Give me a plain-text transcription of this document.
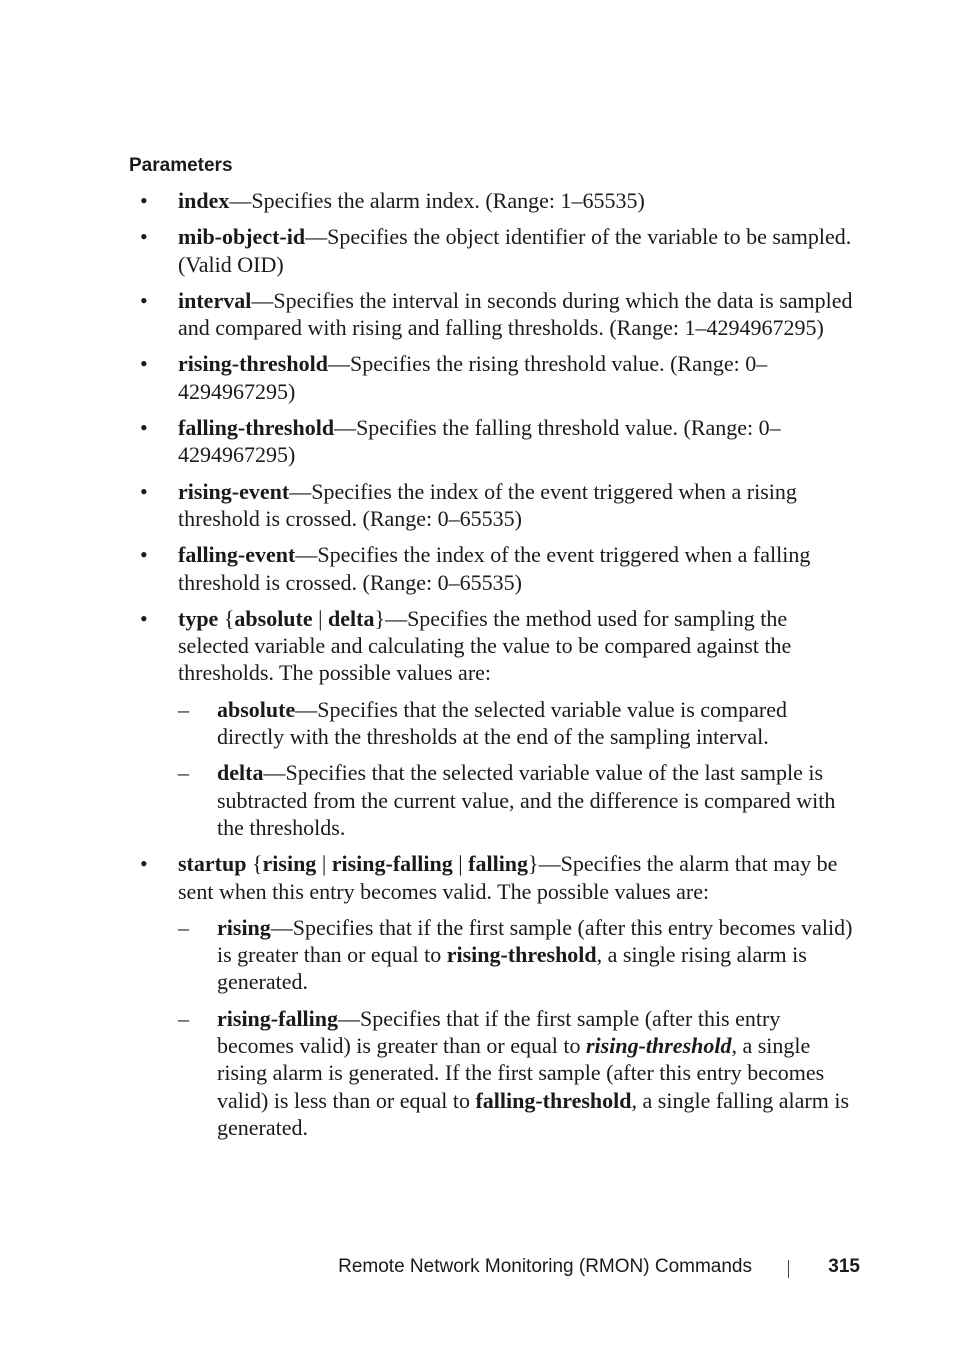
Parameters
• index—Specifies the alarm index. (Range: 1–65535)
• mib-object-id—Specifies the object identifier of the variable to be sampled. (Valid OID)
• interval—Specifies the interval in seconds during which the data is sampled and compared with rising and falling thresholds. (Range: 1–4294967295)
• rising-threshold—Specifies the rising threshold value. (Range: 0–4294967295)
• falling-threshold—Specifies the falling threshold value. (Range: 0–4294967295)
• rising-event—Specifies the index of the event triggered when a rising threshold is crossed. (Range: 0–65535)
• falling-event—Specifies the index of the event triggered when a falling threshold is crossed. (Range: 0–65535)
• type {absolute | delta}—Specifies the method used for sampling the selected variable and calculating the value to be compared against the thresholds. The possible values are:
– absolute—Specifies that the selected variable value is compared directly with the thresholds at the end of the sampling interval.
– delta—Specifies that the selected variable value of the last sample is subtracted from the current value, and the difference is compared with the thresholds.
• startup {rising | rising-falling | falling}—Specifies the alarm that may be sent when this entry becomes valid. The possible values are:
– rising—Specifies that if the first sample (after this entry becomes valid) is greater than or equal to rising-threshold, a single rising alarm is generated.
– rising-falling—Specifies that if the first sample (after this entry becomes valid) is greater than or equal to rising-threshold, a single rising alarm is generated. If the first sample (after this entry becomes valid) is less than or equal to falling-threshold, a single falling alarm is generated.
Remote Network Monitoring (RMON) Commands	315
